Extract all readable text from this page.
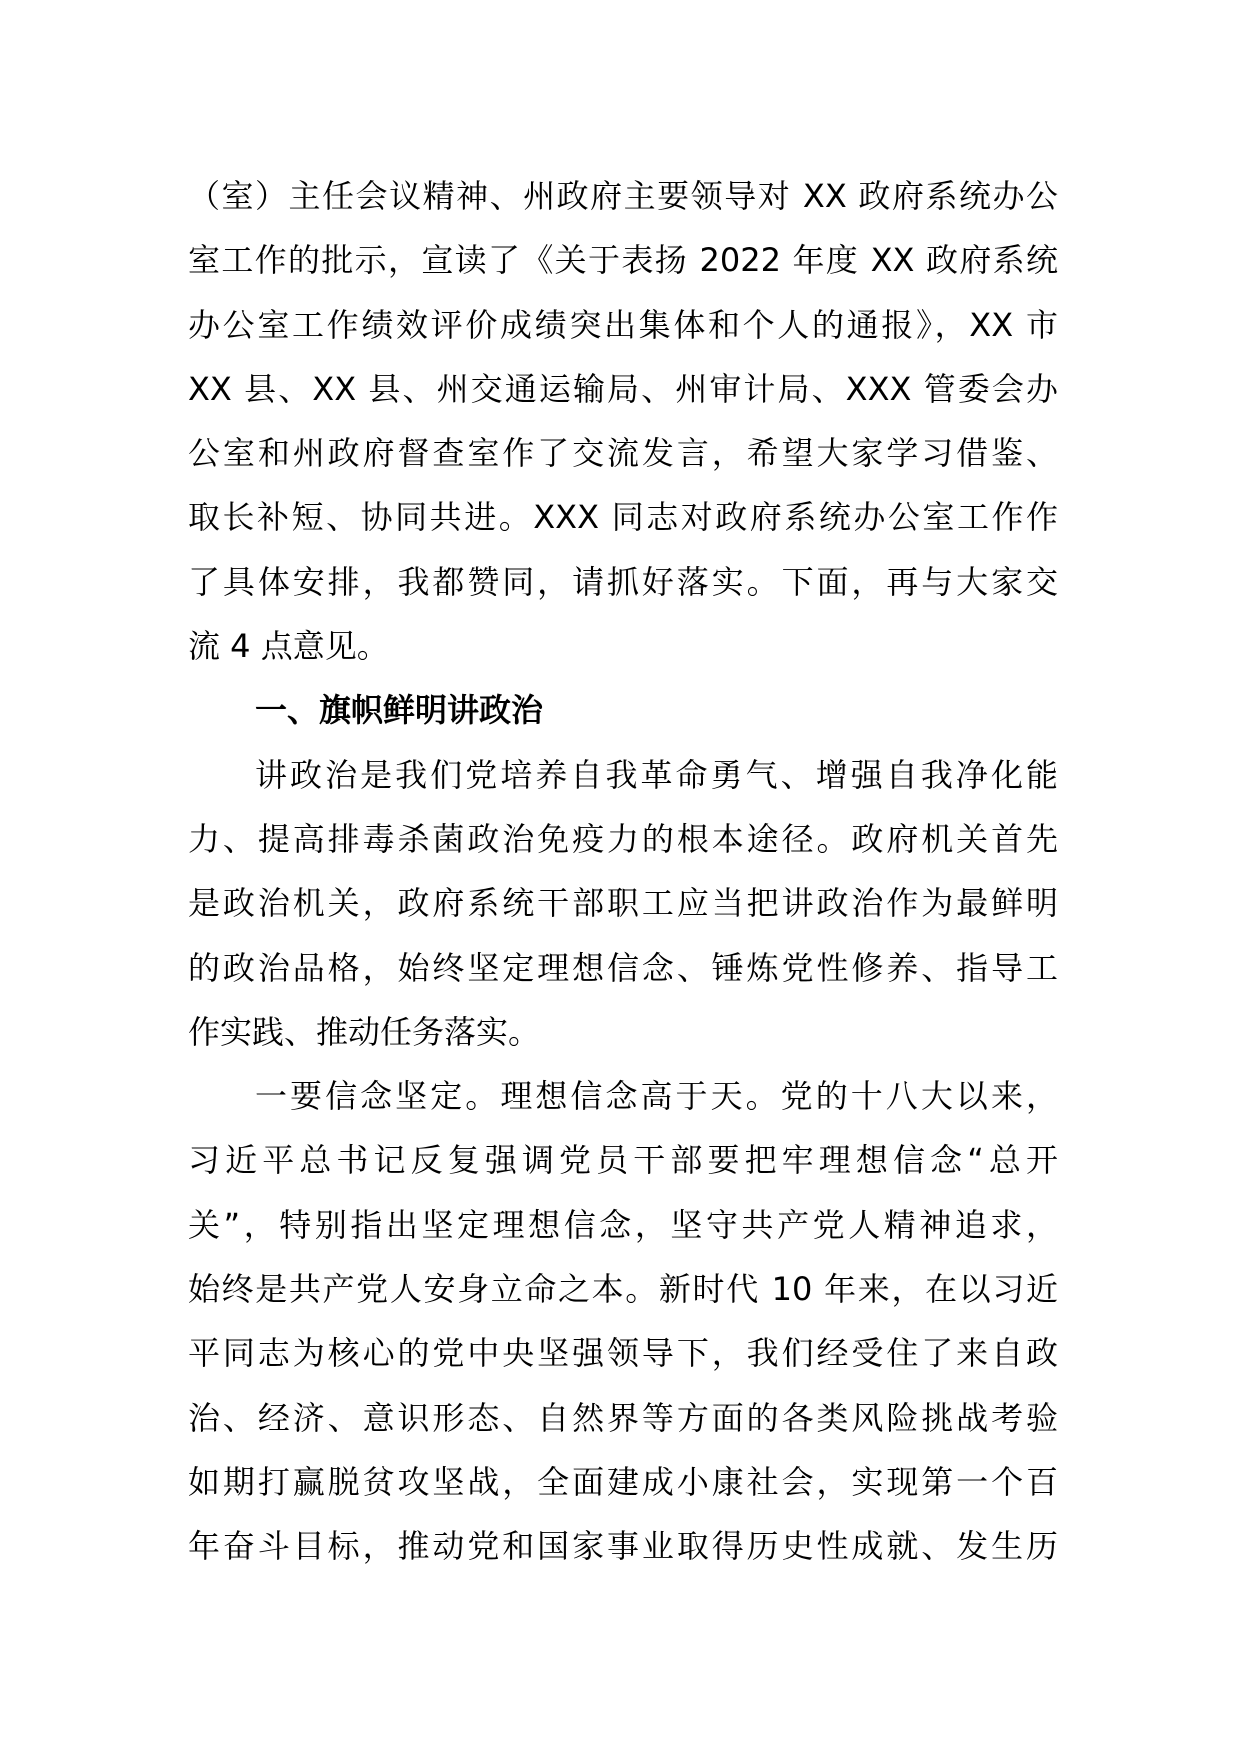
（室）主任会议精神、州政府主要领导对 XX 政府系统办公
室工作的批示，宣读了《关于表扬 2022 年度 XX 政府系统
办公室工作绩效评价成绩突出集体和个人的通报》，XX 市
XX 县、XX 县、州交通运输局、州审计局、XXX 管委会办
公室和州政府督查室作了交流发言，希望大家学习借鉴、
取长补短、协同共进。XXX 同志对政府系统办公室工作作
了具体安排，我都赞同，请抓好落实。下面，再与大家交
流 4 点意见。
一、旗帜鲜明讲政治
讲政治是我们党培养自我革命勇气、增强自我净化能
力、提高排毒杀菌政治免疫力的根本途径。政府机关首先
是政治机关，政府系统干部职工应当把讲政治作为最鲜明
的政治品格，始终坚定理想信念、锤炼党性修养、指导工
作实践、推动任务落实。
一要信念坚定。理想信念高于天。党的十八大以来，
习近平总书记反复强调党员干部要把牢理想信念“总开
关”，特别指出坚定理想信念，坚守共产党人精神追求，
始终是共产党人安身立命之本。新时代 10 年来，在以习近
平同志为核心的党中央坚强领导下，我们经受住了来自政
治、经济、意识形态、自然界等方面的各类风险挑战考验
如期打赢脱贫攻坚战，全面建成小康社会，实现第一个百
年奋斗目标，推动党和国家事业取得历史性成就、发生历
